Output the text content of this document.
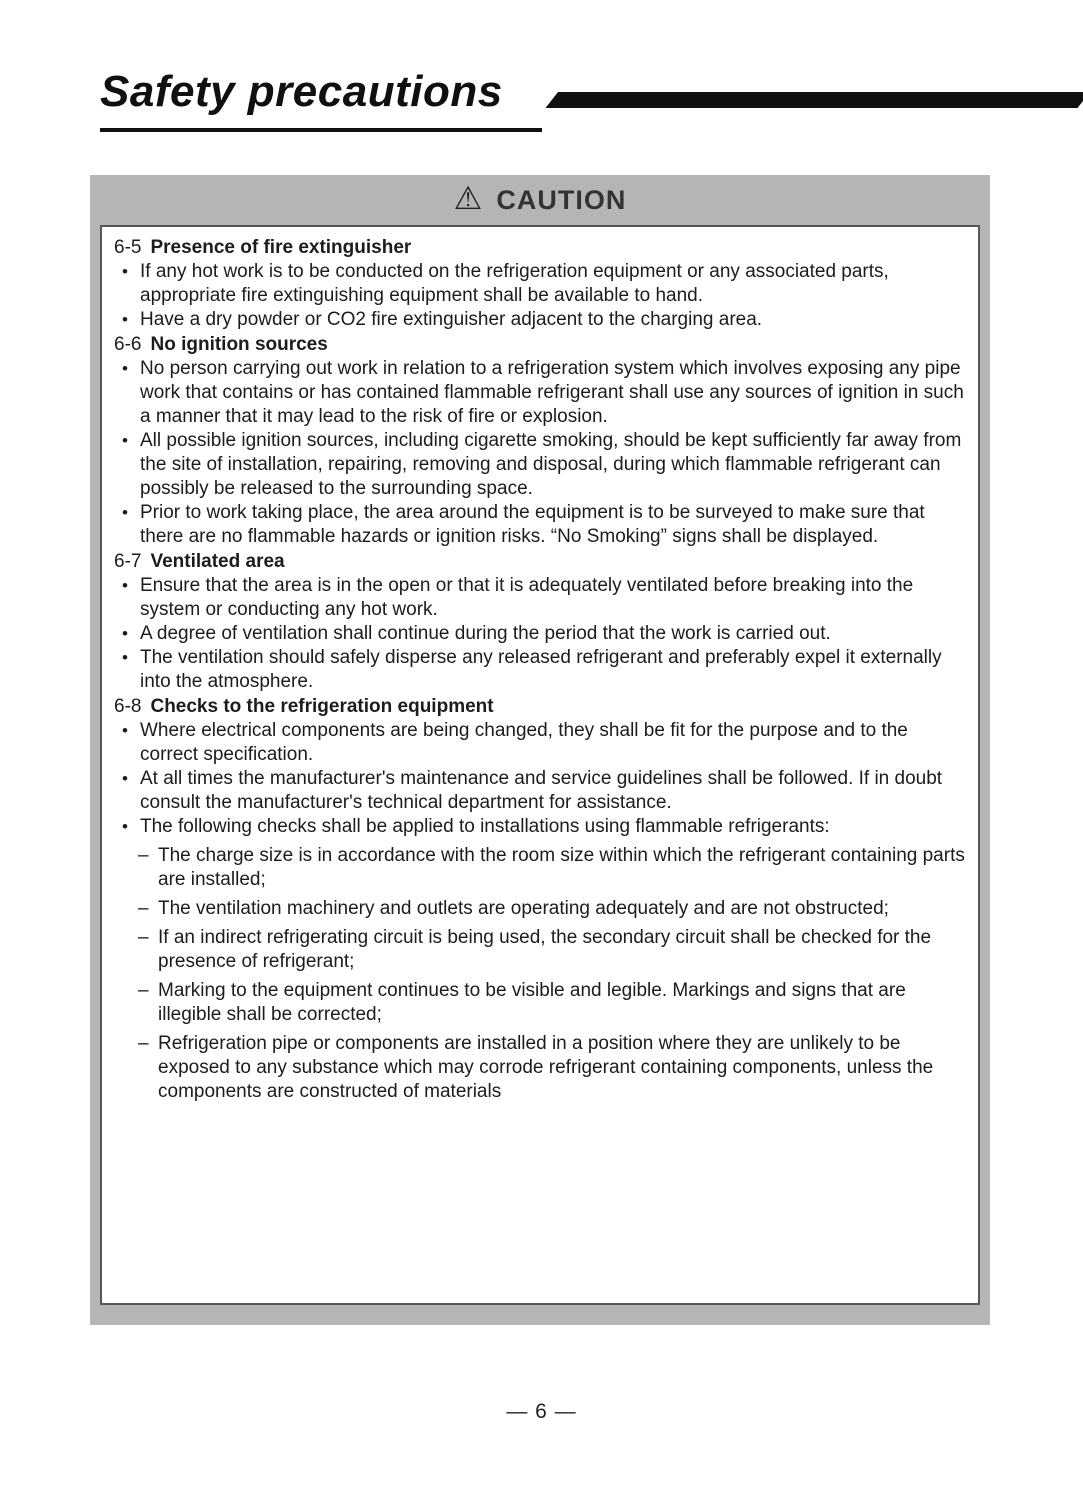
Safety precautions
⚠ CAUTION
6-5 Presence of fire extinguisher
• If any hot work is to be conducted on the refrigeration equipment or any associated parts, appropriate fire extinguishing equipment shall be available to hand.
• Have a dry powder or CO2 fire extinguisher adjacent to the charging area.
6-6 No ignition sources
• No person carrying out work in relation to a refrigeration system which involves exposing any pipe work that contains or has contained flammable refrigerant shall use any sources of ignition in such a manner that it may lead to the risk of fire or explosion.
• All possible ignition sources, including cigarette smoking, should be kept sufficiently far away from the site of installation, repairing, removing and disposal, during which flammable refrigerant can possibly be released to the surrounding space.
• Prior to work taking place, the area around the equipment is to be surveyed to make sure that there are no flammable hazards or ignition risks. “No Smoking” signs shall be displayed.
6-7 Ventilated area
• Ensure that the area is in the open or that it is adequately ventilated before breaking into the system or conducting any hot work.
• A degree of ventilation shall continue during the period that the work is carried out.
• The ventilation should safely disperse any released refrigerant and preferably expel it externally into the atmosphere.
6-8 Checks to the refrigeration equipment
• Where electrical components are being changed, they shall be fit for the purpose and to the correct specification.
• At all times the manufacturer's maintenance and service guidelines shall be followed. If in doubt consult the manufacturer's technical department for assistance.
• The following checks shall be applied to installations using flammable refrigerants:
– The charge size is in accordance with the room size within which the refrigerant containing parts are installed;
– The ventilation machinery and outlets are operating adequately and are not obstructed;
– If an indirect refrigerating circuit is being used, the secondary circuit shall be checked for the presence of refrigerant;
– Marking to the equipment continues to be visible and legible. Markings and signs that are illegible shall be corrected;
– Refrigeration pipe or components are installed in a position where they are unlikely to be exposed to any substance which may corrode refrigerant containing components, unless the components are constructed of materials
— 6 —
